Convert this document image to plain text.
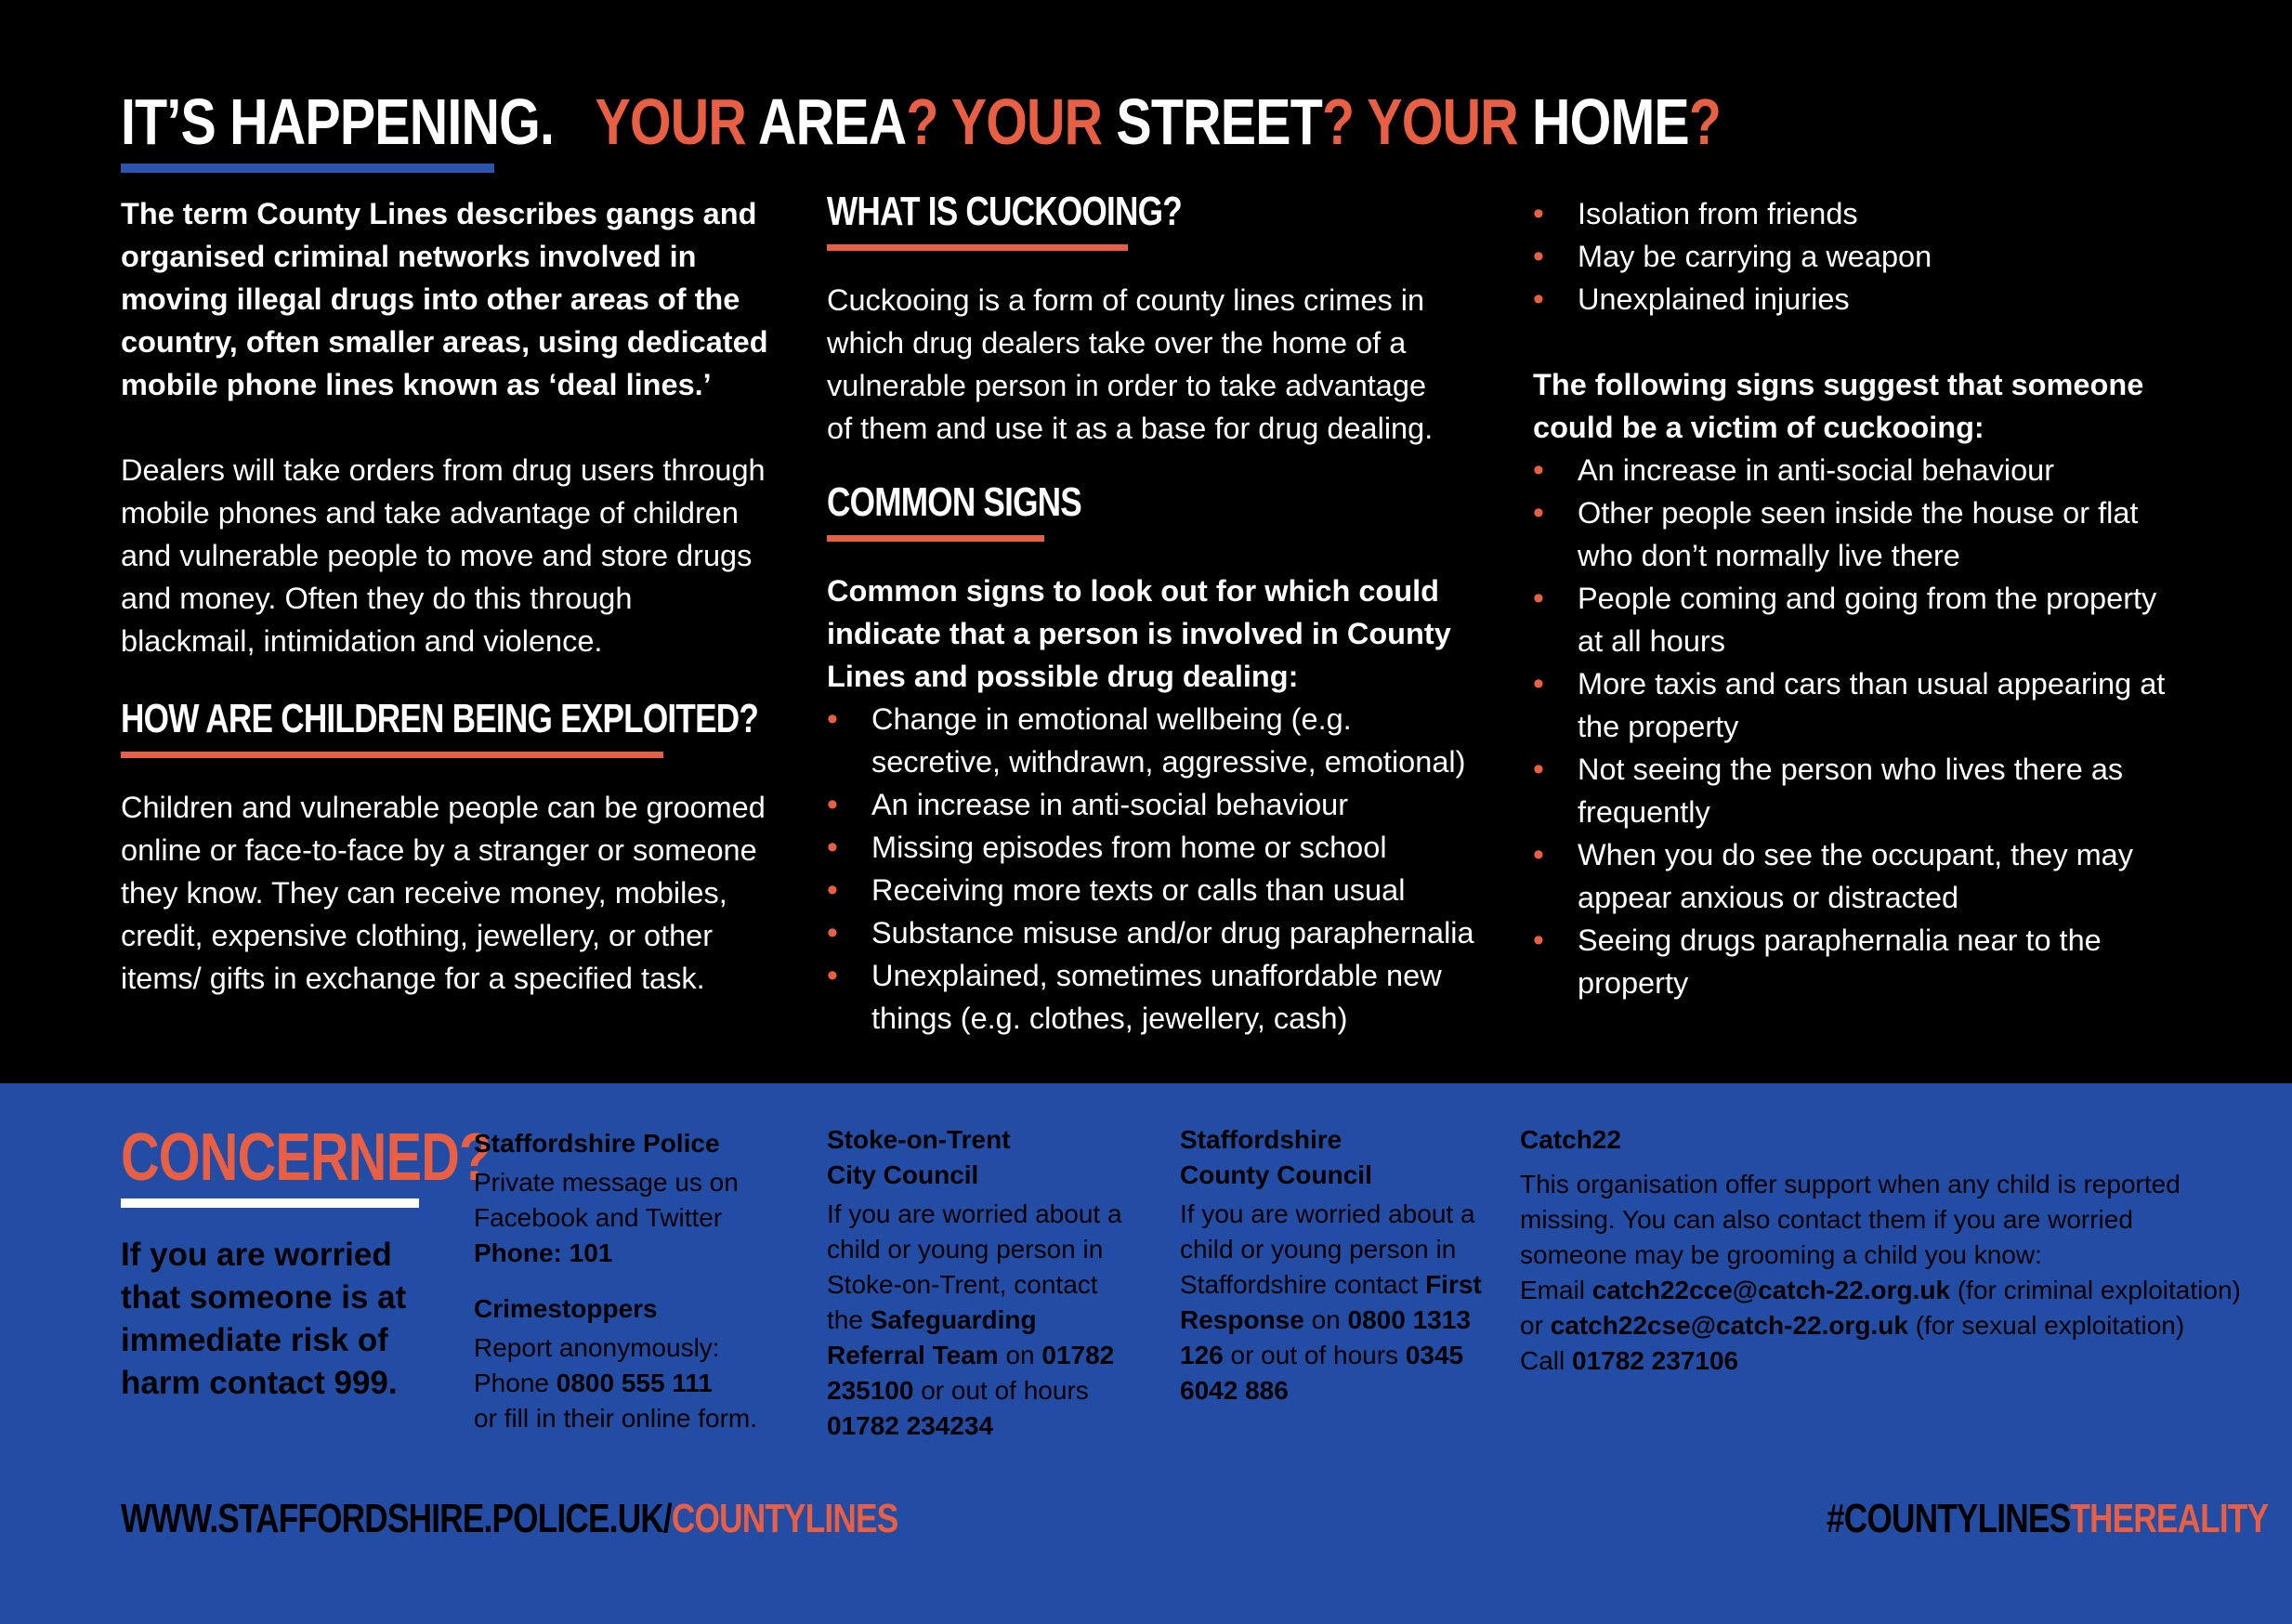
IT’S HAPPENING. YOUR AREA? YOUR STREET? YOUR HOME?

The term County Lines describes gangs and organised criminal networks involved in moving illegal drugs into other areas of the country, often smaller areas, using dedicated mobile phone lines known as ‘deal lines.’

Dealers will take orders from drug users through mobile phones and take advantage of children and vulnerable people to move and store drugs and money. Often they do this through blackmail, intimidation and violence.

HOW ARE CHILDREN BEING EXPLOITED?

Children and vulnerable people can be groomed online or face-to-face by a stranger or someone they know. They can receive money, mobiles, credit, expensive clothing, jewellery, or other items/ gifts in exchange for a specified task.

WHAT IS CUCKOOING?

Cuckooing is a form of county lines crimes in which drug dealers take over the home of a vulnerable person in order to take advantage of them and use it as a base for drug dealing.

COMMON SIGNS

Common signs to look out for which could indicate that a person is involved in County Lines and possible drug dealing:

• Change in emotional wellbeing (e.g. secretive, withdrawn, aggressive, emotional)
• An increase in anti-social behaviour
• Missing episodes from home or school
• Receiving more texts or calls than usual
• Substance misuse and/or drug paraphernalia
• Unexplained, sometimes unaffordable new things (e.g. clothes, jewellery, cash)
• Isolation from friends
• May be carrying a weapon
• Unexplained injuries

The following signs suggest that someone could be a victim of cuckooing:

• An increase in anti-social behaviour
• Other people seen inside the house or flat who don’t normally live there
• People coming and going from the property at all hours
• More taxis and cars than usual appearing at the property
• Not seeing the person who lives there as frequently
• When you do see the occupant, they may appear anxious or distracted
• Seeing drugs paraphernalia near to the property
CONCERNED?
If you are worried that someone is at immediate risk of harm contact 999.

Staffordshire Police

Private message us on Facebook and Twitter

Phone: 101

Crimestoppers

Report anonymously:

Phone 0800 555 111

or fill in their online form.

Stoke-on-Trent

City Council

If you are worried about a child or young person in Stoke-on-Trent, contact the Safeguarding Referral Team on 01782 235100 or out of hours 01782 234234

Staffordshire

County Council

If you are worried about a child or young person in Staffordshire contact First Response on 0800 1313 126 or out of hours 0345 6042 886

Catch22

This organisation offer support when any child is reported missing. You can also contact them if you are worried someone may be grooming a child you know:

Email catch22cce@catch-22.org.uk (for criminal exploitation)

or catch22cse@catch-22.org.uk (for sexual exploitation)

Call 01782 237106

WWW.STAFFORDSHIRE.POLICE.UK/COUNTYLINES	#COUNTYLINESTHEREALITY
